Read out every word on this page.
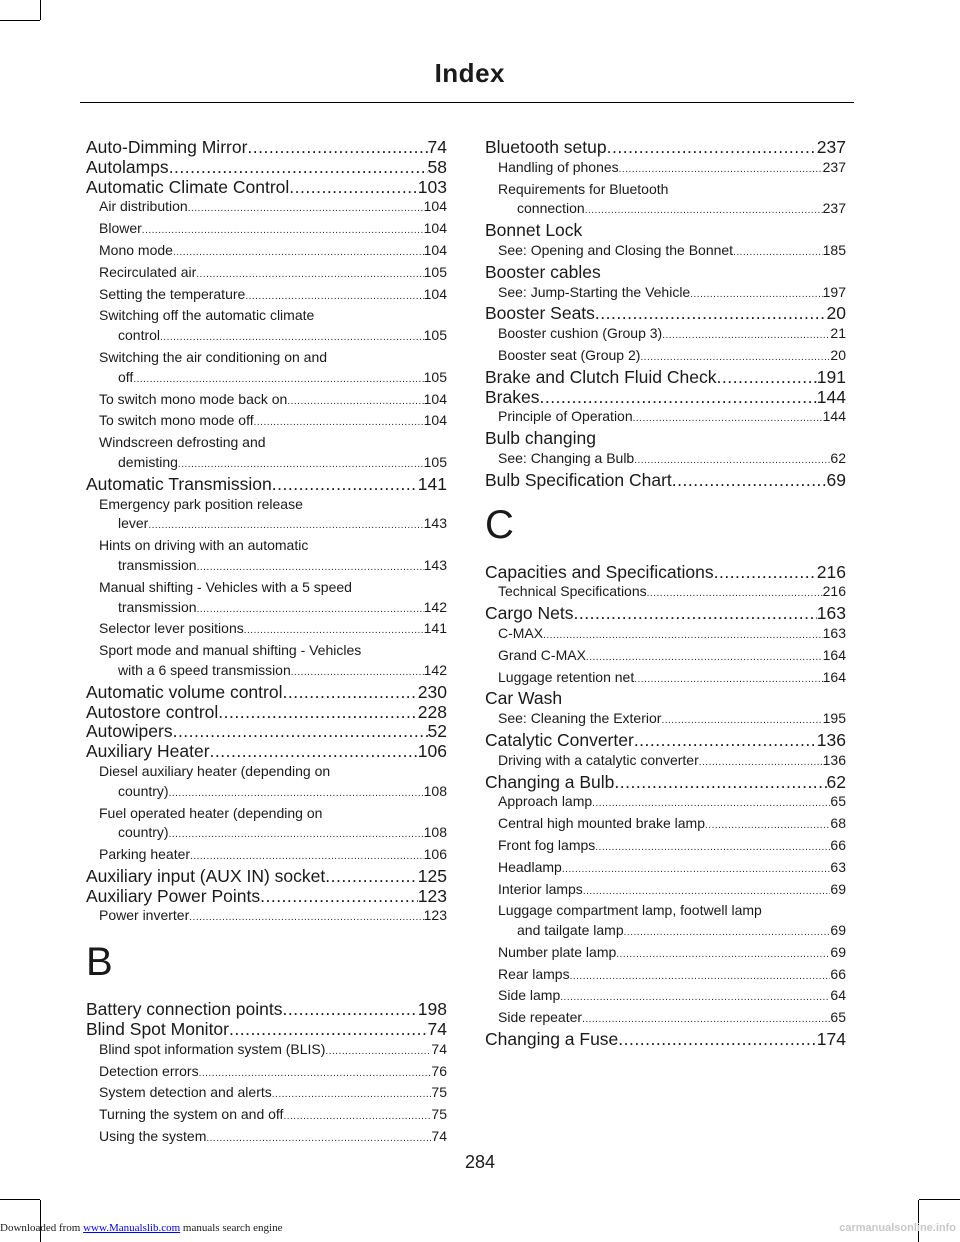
Index
Auto-Dimming Mirror .....	74
Autolamps .....	58
Automatic Climate Control .....	103
Air distribution .....	104
Blower .....	104
Mono mode .....	104
Recirculated air .....	105
Setting the temperature .....	104
Switching off the automatic climate
control .....	105
Switching the air conditioning on and
off .....	105
To switch mono mode back on .....	104
To switch mono mode off .....	104
Windscreen defrosting and
demisting .....	105
Automatic Transmission .....	141
Emergency park position release
lever .....	143
Hints on driving with an automatic
transmission .....	143
Manual shifting - Vehicles with a 5 speed
transmission .....	142
Selector lever positions .....	141
Sport mode and manual shifting - Vehicles
with a 6 speed transmission .....	142
Automatic volume control .....	230
Autostore control .....	228
Autowipers .....	52
Auxiliary Heater .....	106
Diesel auxiliary heater (depending on
country) .....	108
Fuel operated heater (depending on
country) .....	108
Parking heater .....	106
Auxiliary input (AUX IN) socket .....	125
Auxiliary Power Points .....	123
Power inverter .....	123
B
Battery connection points .....	198
Blind Spot Monitor .....	74
Blind spot information system (BLIS) .....	74
Detection errors .....	76
System detection and alerts .....	75
Turning the system on and off .....	75
Using the system .....	74
Bluetooth setup .....	237
Handling of phones .....	237
Requirements for Bluetooth
connection .....	237
Bonnet Lock
See: Opening and Closing the Bonnet .....	185
Booster cables
See: Jump-Starting the Vehicle .....	197
Booster Seats .....	20
Booster cushion (Group 3) .....	21
Booster seat (Group 2) .....	20
Brake and Clutch Fluid Check .....	191
Brakes .....	144
Principle of Operation .....	144
Bulb changing
See: Changing a Bulb .....	62
Bulb Specification Chart .....	69
C
Capacities and Specifications .....	216
Technical Specifications .....	216
Cargo Nets .....	163
C-MAX .....	163
Grand C-MAX .....	164
Luggage retention net .....	164
Car Wash
See: Cleaning the Exterior .....	195
Catalytic Converter .....	136
Driving with a catalytic converter .....	136
Changing a Bulb .....	62
Approach lamp .....	65
Central high mounted brake lamp .....	68
Front fog lamps .....	66
Headlamp .....	63
Interior lamps .....	69
Luggage compartment lamp, footwell lamp
and tailgate lamp .....	69
Number plate lamp .....	69
Rear lamps .....	66
Side lamp .....	64
Side repeater .....	65
Changing a Fuse .....	174
284
Downloaded from www.Manualslib.com manuals search engine	carmanualsonline.info
